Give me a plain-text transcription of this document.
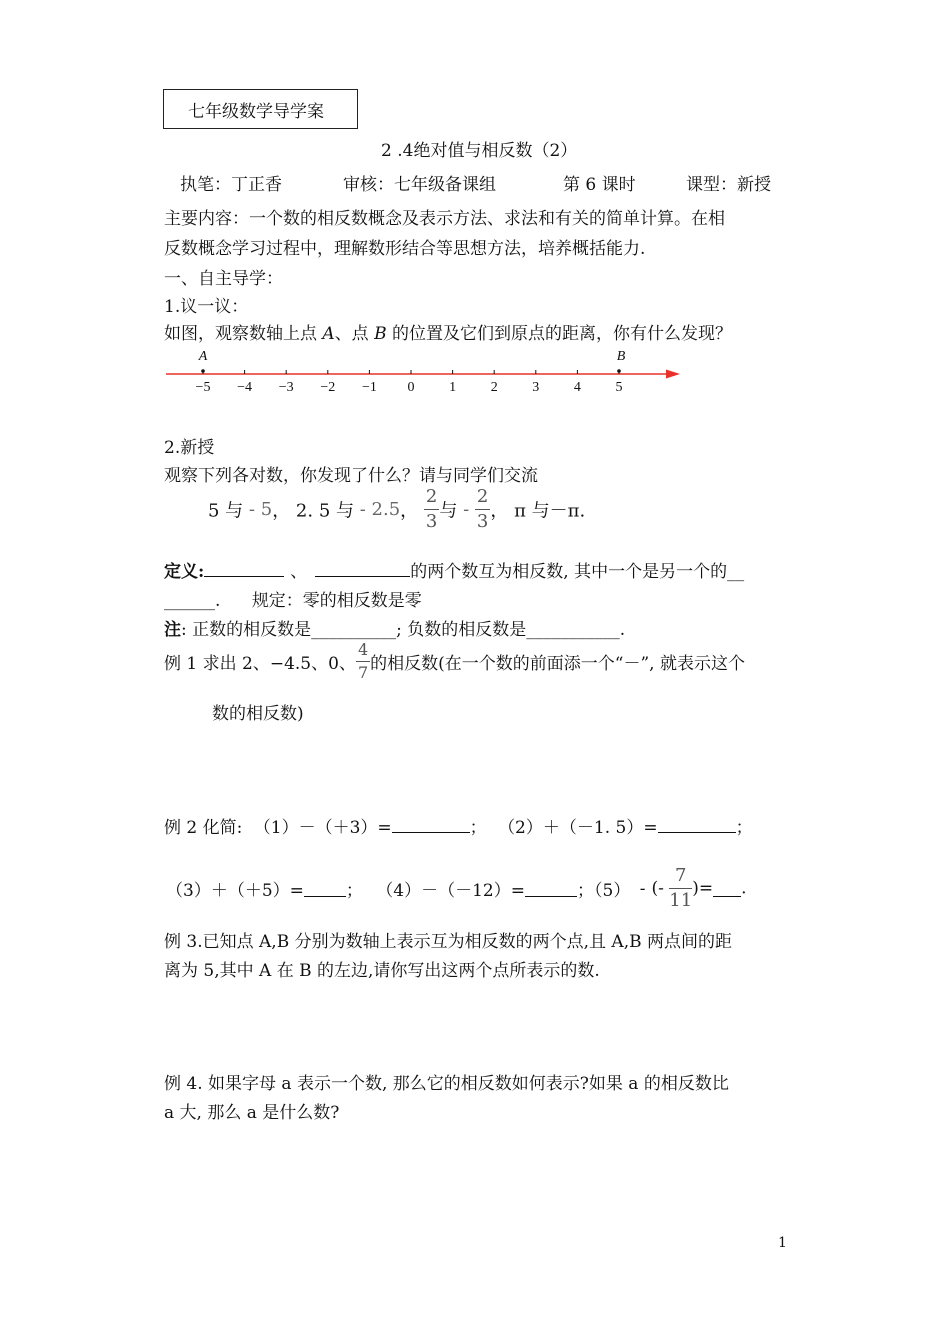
七年级数学导学案
2 .4绝对值与相反数（2）
执笔：丁正香	审核：七年级备课组	第 6 课时	课型：新授
主要内容：一个数的相反数概念及表示方法、求法和有关的简单计算。在相
反数概念学习过程中，理解数形结合等思想方法，培养概括能力.
一、自主导学：
1.议一议：
如图，观察数轴上点 A、点 B 的位置及它们到原点的距离，你有什么发现？
−5 −4 −3 −2 −1 0 1 2 3 4 5
A	B
2.新授
观察下列各对数，你发现了什么？请与同学们交流
5 与 - 5， 2. 5 与 - 2.5， $\frac{2}{3}$ 与 - $\frac{2}{3}$ ， π 与－π.
定义:	、	的两个数互为相反数, 其中一个是另一个的__
______. 规定：零的相反数是零
注: 正数的相反数是__________; 负数的相反数是___________.
例 1 求出 2、−4.5、0、 $\frac{4}{7}$ 的相反数(在一个数的前面添一个“－”, 就表示这个
数的相反数)
例 2 化简: （1）－（＋3）=	； （2）＋（－1. 5）=	；
（3）＋（＋5）= ； （4）－（－12）=	；（5） - (- $\frac{7}{11}$ )= .
例 3.已知点 A,B 分别为数轴上表示互为相反数的两个点,且 A,B 两点间的距
离为 5,其中 A 在 B 的左边,请你写出这两个点所表示的数.
例 4. 如果字母 a 表示一个数, 那么它的相反数如何表示?如果 a 的相反数比
a 大, 那么 a 是什么数?
1
